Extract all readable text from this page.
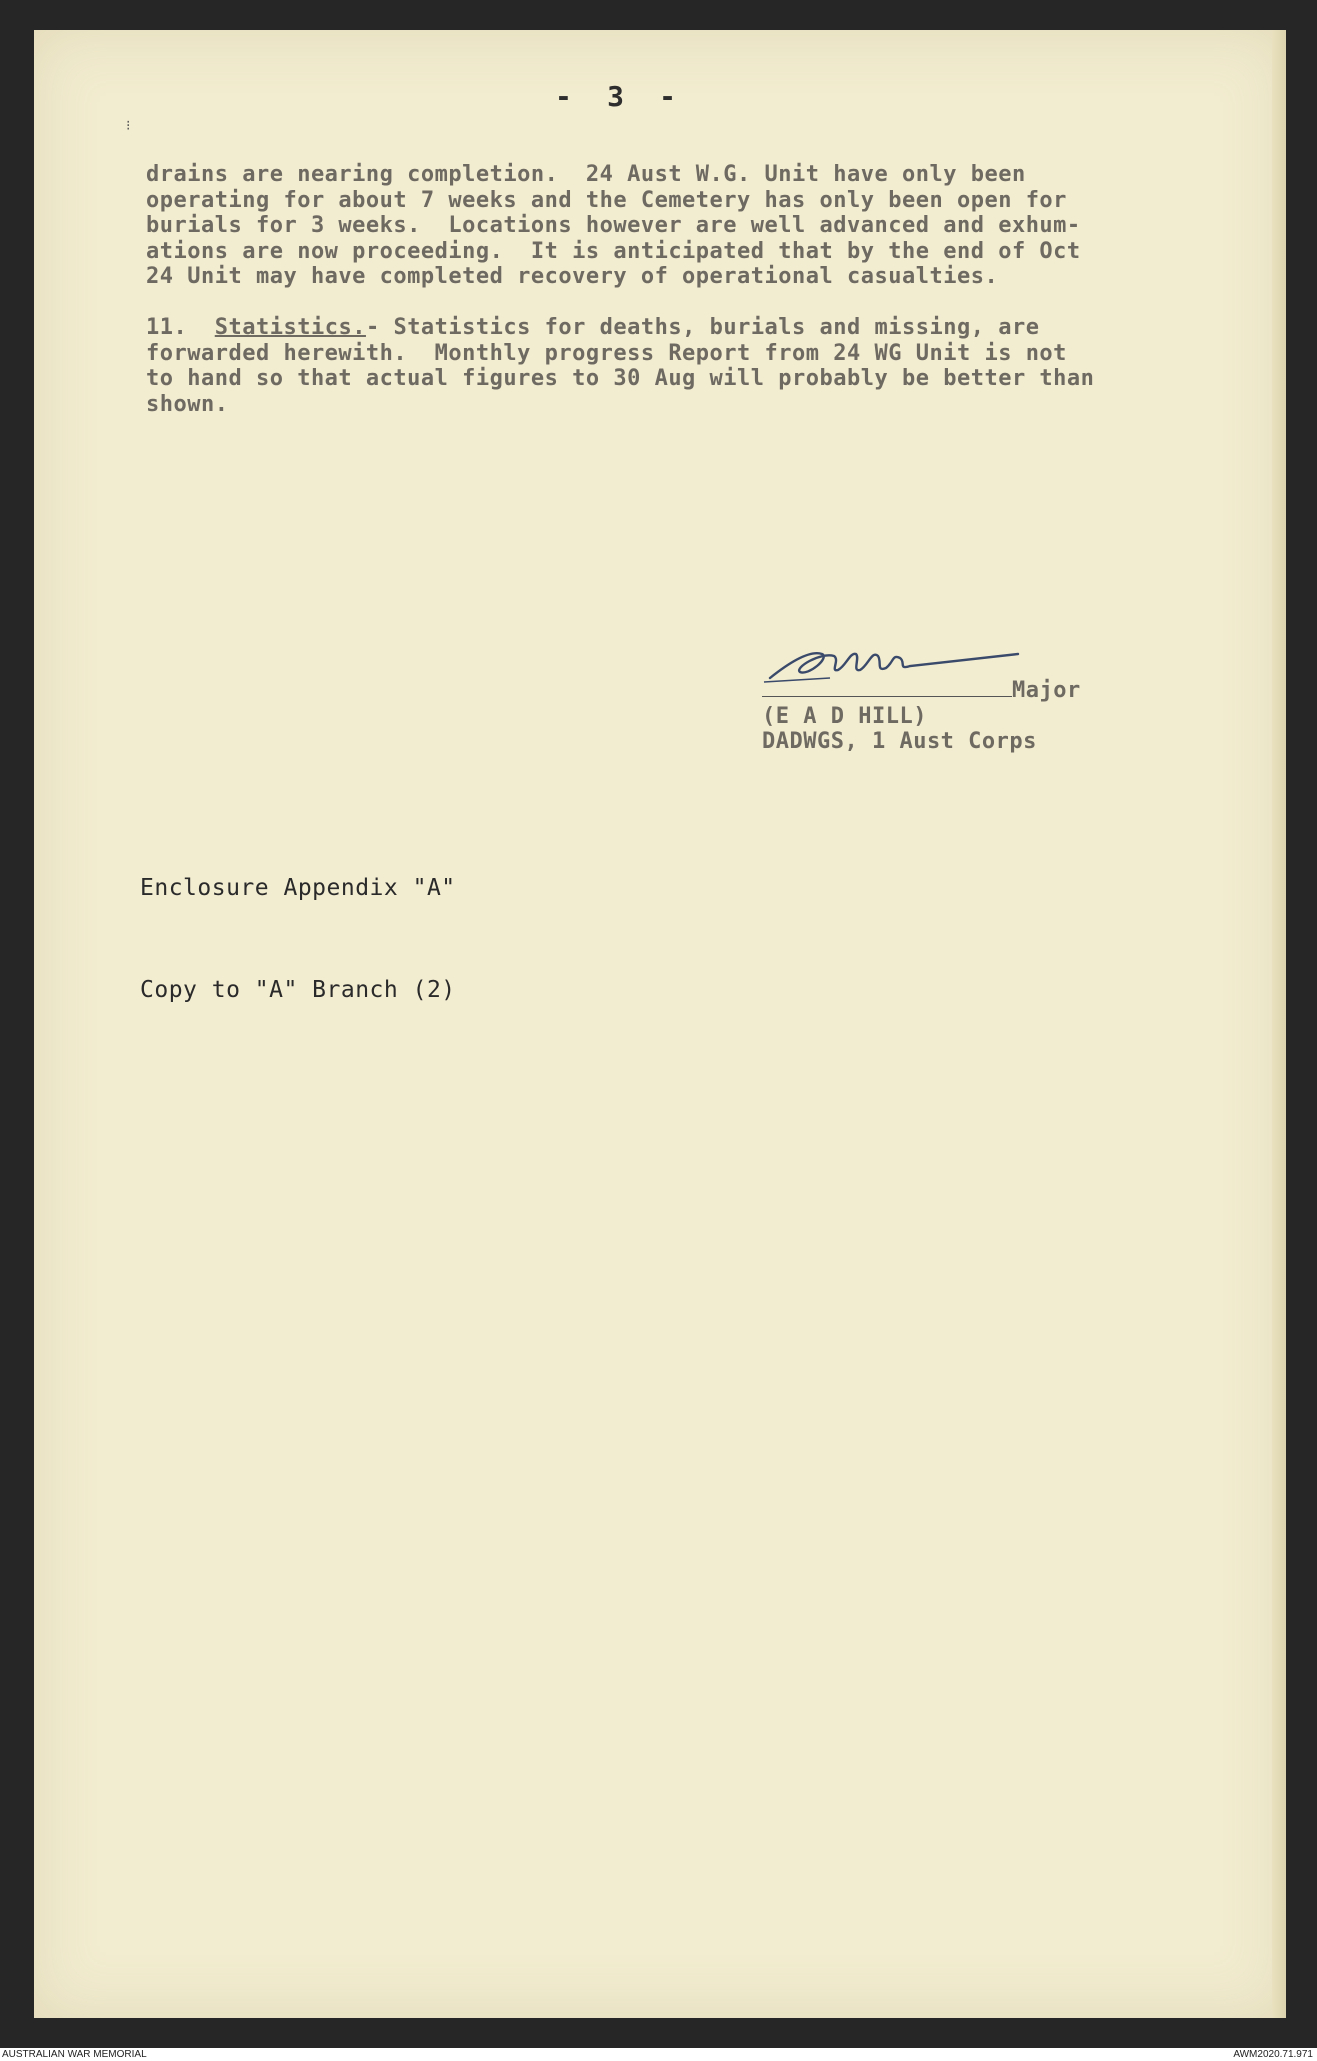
⁝
-  3  -
drains are nearing completion.  24 Aust W.G. Unit have only been
operating for about 7 weeks and the Cemetery has only been open for
burials for 3 weeks.  Locations however are well advanced and exhum-
ations are now proceeding.  It is anticipated that by the end of Oct
24 Unit may have completed recovery of operational casualties.

11. Statistics.- Statistics for deaths, burials and missing, are
forwarded herewith.  Monthly progress Report from 24 WG Unit is not
to hand so that actual figures to 30 Aug will probably be better than
shown.
Major
(E A D HILL)
DADWGS, 1 Aust Corps
Enclosure Appendix "A"
Copy to "A" Branch (2)
AUSTRALIAN WAR MEMORIAL	AWM2020.71.971
